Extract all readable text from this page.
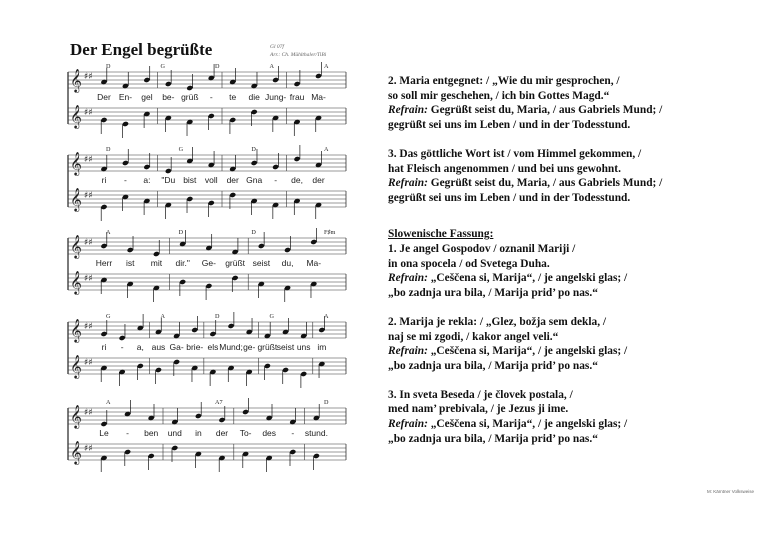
Der Engel begrüßte	Gl 07f
Arr.: Ch. Mühlthaler/TiBi
𝄞 ♯♯
𝄞 ♯♯
D	G	D	A	A
Der En- gel be- grüß - te die Jung- frau Ma-
𝄞 ♯♯
𝄞 ♯♯
D	G	D	A
ri - a: "Du bist voll der Gna - de, der
𝄞 ♯♯
𝄞 ♯♯
A	D	D	F♯m
Herr ist mit dir." Ge- grüßt seist du, Ma-
𝄞 ♯♯
𝄞 ♯♯
G	A	D	G	A
ri - a, aus Ga- brie- els Mund; ge- grüßt seist uns im
𝄞 ♯♯
𝄞 ♯♯
A	A7	D
Le - ben und in der To- des - stund.

2. Maria entgegnet: / „Wie du mir gesprochen, /

so soll mir geschehen, / ich bin Gottes Magd.“

Refrain: Gegrüßt seist du, Maria, / aus Gabriels Mund; /

gegrüßt sei uns im Leben / und in der Todesstund.

3. Das göttliche Wort ist / vom Himmel gekommen, /

hat Fleisch angenommen / und bei uns gewohnt.

Refrain: Gegrüßt seist du, Maria, / aus Gabriels Mund; /

gegrüßt sei uns im Leben / und in der Todesstund.

Slowenische Fassung:

1. Je angel Gospodov / oznanil Mariji /

in ona spocela / od Svetega Duha.

Refrain: „Ceščena si, Marija“, / je angelski glas; /

„bo zadnja ura bila, / Marija prid’ po nas.“

2. Marija je rekla: / „Glez, božja sem dekla, /

naj se mi zgodi, / kakor angel veli.“

Refrain: „Ceščena si, Marija“, / je angelski glas; /

„bo zadnja ura bila, / Marija prid’ po nas.“

3. In sveta Beseda / je človek postala, /

med nam’ prebivala, / je Jezus ji ime.

Refrain: „Ceščena si, Marija“, / je angelski glas; /

„bo zadnja ura bila, / Marija prid’ po nas.“

M: Kärntner Volksweise
